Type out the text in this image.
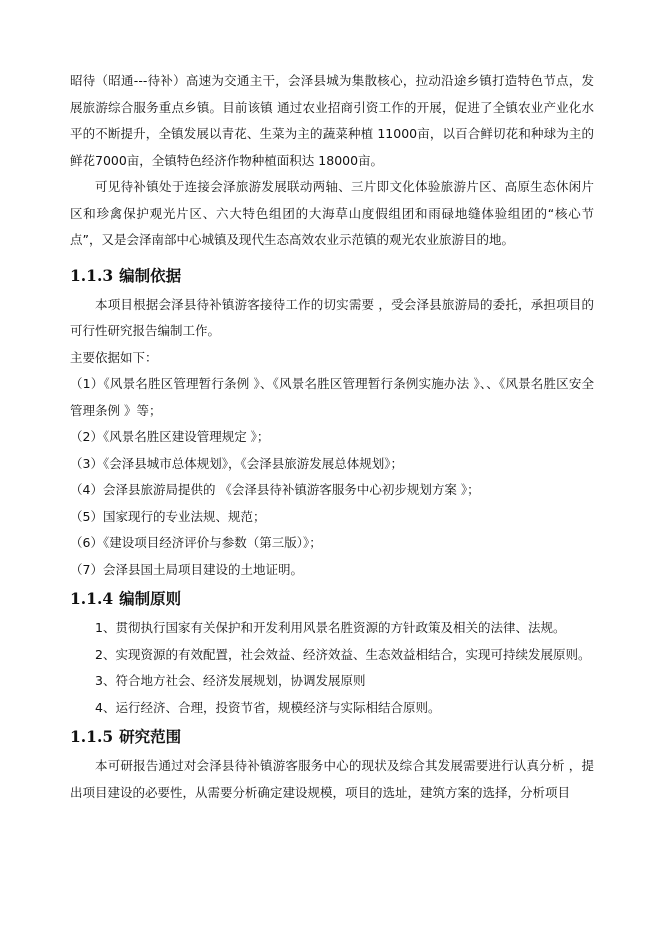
昭待（昭通---待补）高速为交通主干，会泽县城为集散核心，拉动沿途乡镇打造特色节点，发展旅游综合服务重点乡镇。目前该镇 通过农业招商引资工作的开展，促进了全镇农业产业化水平的不断提升，全镇发展以青花、生菜为主的蔬菜种植 11000亩，以百合鲜切花和种球为主的鲜花7000亩，全镇特色经济作物种植面积达 18000亩。

可见待补镇处于连接会泽旅游发展联动两轴、三片即文化体验旅游片区、高原生态休闲片区和珍禽保护观光片区、六大特色组团的大海草山度假组团和雨碌地缝体验组团的“核心节点”，又是会泽南部中心城镇及现代生态高效农业示范镇的观光农业旅游目的地。

1.1.3 编制依据

本项目根据会泽县待补镇游客接待工作的切实需要 ，受会泽县旅游局的委托，承担项目的可行性研究报告编制工作。

主要依据如下：

（1）《风景名胜区管理暂行条例 》、《风景名胜区管理暂行条例实施办法 》、、《风景名胜区安全管理条例 》等；

（2）《风景名胜区建设管理规定 》；

（3）《会泽县城市总体规划》，《会泽县旅游发展总体规划》；

（4）会泽县旅游局提供的 《会泽县待补镇游客服务中心初步规划方案 》；

（5）国家现行的专业法规、规范；

（6）《建设项目经济评价与参数（第三版）》；

（7）会泽县国土局项目建设的土地证明。

1.1.4 编制原则

1、贯彻执行国家有关保护和开发利用风景名胜资源的方针政策及相关的法律、法规。

2、实现资源的有效配置，社会效益、经济效益、生态效益相结合，实现可持续发展原则。

3、符合地方社会、经济发展规划，协调发展原则

4、运行经济、合理，投资节省，规模经济与实际相结合原则。

1.1.5 研究范围

本可研报告通过对会泽县待补镇游客服务中心的现状及综合其发展需要进行认真分析 ，提出项目建设的必要性，从需要分析确定建设规模，项目的选址，建筑方案的选择，分析项目
